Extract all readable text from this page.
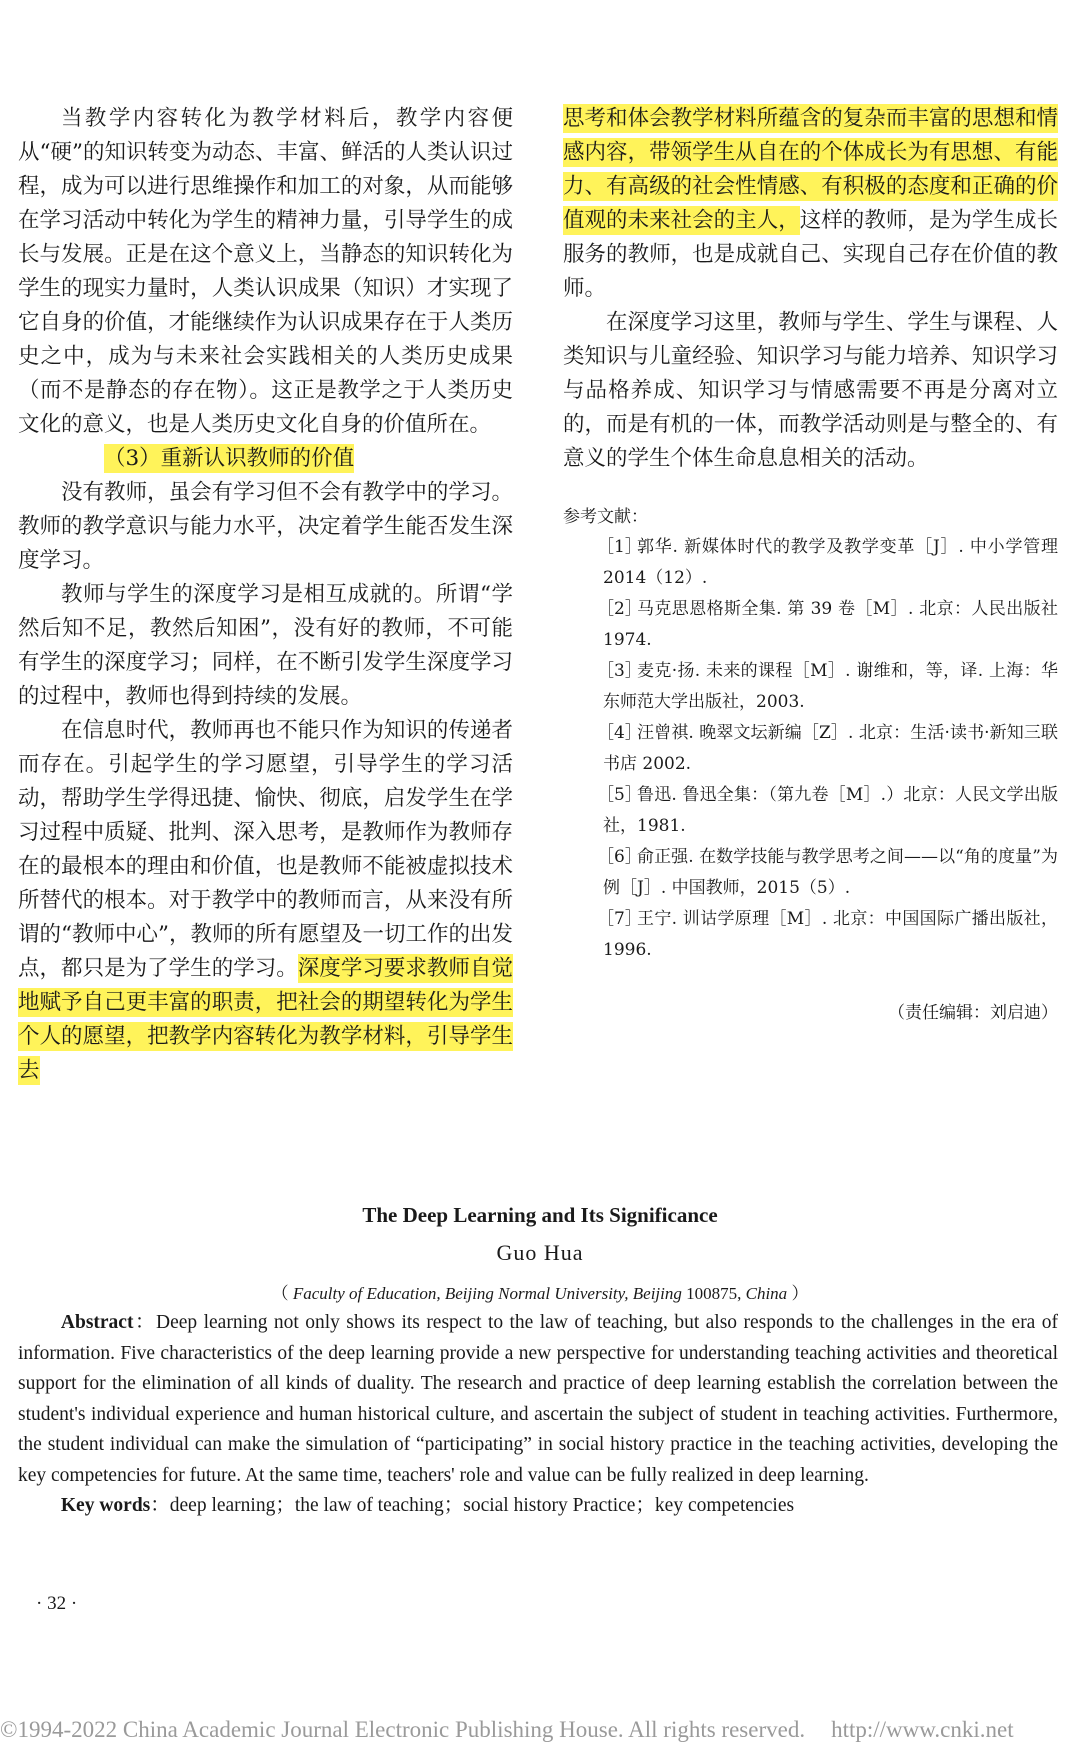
当教学内容转化为教学材料后，教学内容便从“硬”的知识转变为动态、丰富、鲜活的人类认识过程，成为可以进行思维操作和加工的对象，从而能够在学习活动中转化为学生的精神力量，引导学生的成长与发展。正是在这个意义上，当静态的知识转化为学生的现实力量时，人类认识成果（知识）才实现了它自身的价值，才能继续作为认识成果存在于人类历史之中，成为与未来社会实践相关的人类历史成果（而不是静态的存在物）。这正是教学之于人类历史文化的意义，也是人类历史文化自身的价值所在。

（3）重新认识教师的价值

没有教师，虽会有学习但不会有教学中的学习。教师的教学意识与能力水平，决定着学生能否发生深度学习。

教师与学生的深度学习是相互成就的。所谓“学然后知不足，教然后知困”，没有好的教师，不可能有学生的深度学习；同样，在不断引发学生深度学习的过程中，教师也得到持续的发展。

在信息时代，教师再也不能只作为知识的传递者而存在。引起学生的学习愿望，引导学生的学习活动，帮助学生学得迅捷、愉快、彻底，启发学生在学习过程中质疑、批判、深入思考，是教师作为教师存在的最根本的理由和价值，也是教师不能被虚拟技术所替代的根本。对于教学中的教师而言，从来没有所谓的“教师中心”，教师的所有愿望及一切工作的出发点，都只是为了学生的学习。深度学习要求教师自觉地赋予自己更丰富的职责，把社会的期望转化为学生个人的愿望，把教学内容转化为教学材料，引导学生去

思考和体会教学材料所蕴含的复杂而丰富的思想和情感内容，带领学生从自在的个体成长为有思想、有能力、有高级的社会性情感、有积极的态度和正确的价值观的未来社会的主人，这样的教师，是为学生成长服务的教师，也是成就自己、实现自己存在价值的教师。

在深度学习这里，教师与学生、学生与课程、人类知识与儿童经验、知识学习与能力培养、知识学习与品格养成、知识学习与情感需要不再是分离对立的，而是有机的一体，而教学活动则是与整全的、有意义的学生个体生命息息相关的活动。

参考文献：

［1］
郭华. 新媒体时代的教学及教学变革［J］. 中小学管理 2014（12）.

［2］
马克思恩格斯全集. 第 39 卷［M］. 北京：人民出版社 1974.

［3］
麦克·扬. 未来的课程［M］. 谢维和，等，译. 上海：华东师范大学出版社，2003.

［4］
汪曾祺. 晚翠文坛新编［Z］. 北京：生活·读书·新知三联书店 2002.

［5］
鲁迅. 鲁迅全集：（第九卷［M］.）北京：人民文学出版社，1981.

［6］
俞正强. 在数学技能与教学思考之间——以“角的度量”为例［J］. 中国教师，2015（5）.

［7］
王宁. 训诂学原理［M］. 北京：中国国际广播出版社，1996.

（责任编辑：刘启迪）
The Deep Learning and Its Significance
Guo Hua
（ Faculty of Education, Beijing Normal University, Beijing 100875, China ）

Abstract：Deep learning not only shows its respect to the law of teaching, but also responds to the challenges in the era of information. Five characteristics of the deep learning provide a new perspective for understanding teaching activities and theoretical support for the elimination of all kinds of duality. The research and practice of deep learning establish the correlation between the student's individual experience and human historical culture, and ascertain the subject of student in teaching activities. Furthermore, the student individual can make the simulation of “participating” in social history practice in the teaching activities, developing the key competencies for future. At the same time, teachers' role and value can be fully realized in deep learning.

Key words：deep learning；the law of teaching；social history Practice；key competencies

· 32 ·
©1994-2022 China Academic Journal Electronic Publishing House. All rights reserved. http://www.cnki.net
